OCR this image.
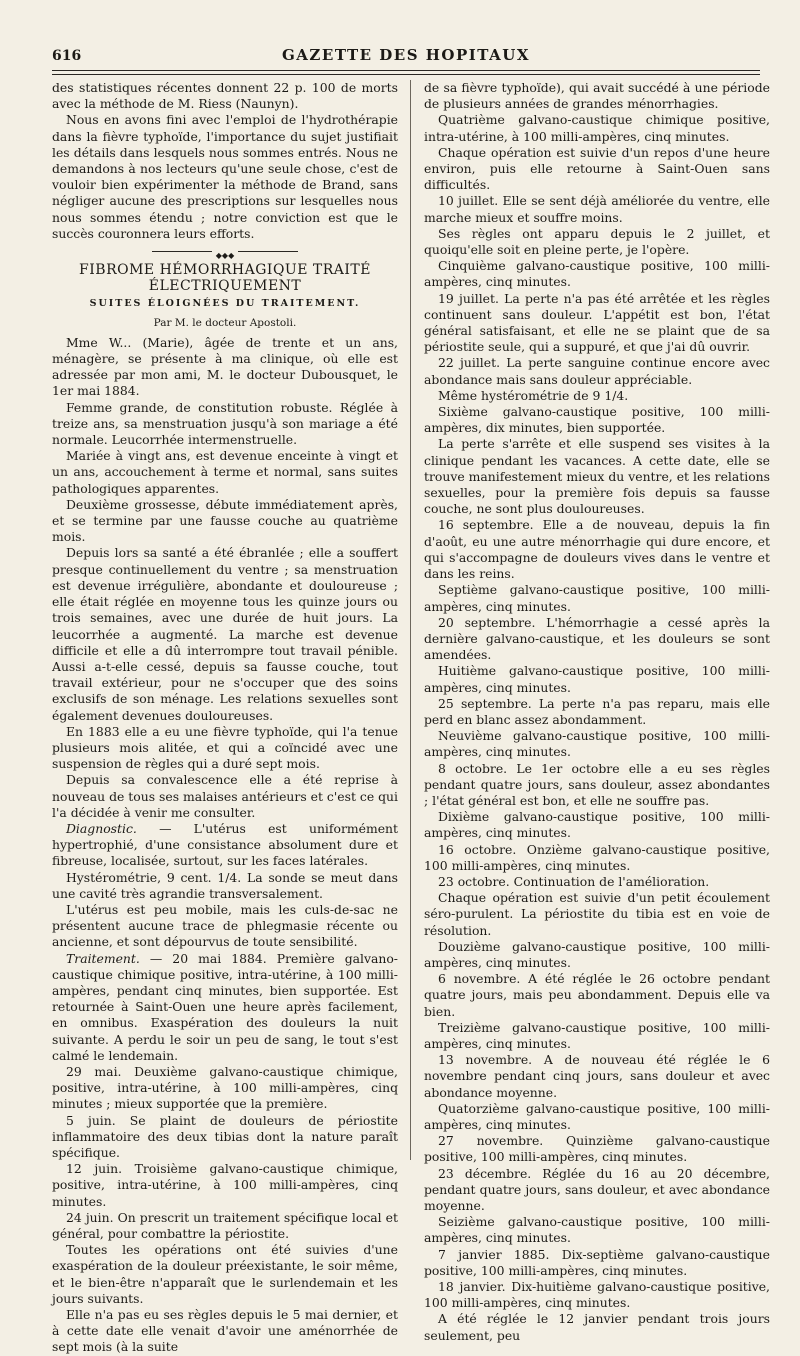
616	GAZETTE DES HOPITAUX

des statistiques récentes donnent 22 p. 100 de morts avec la méthode de M. Riess (Naunyn).

Nous en avons fini avec l'emploi de l'hydrothérapie dans la fièvre typhoïde, l'importance du sujet justifiait les détails dans lesquels nous sommes entrés. Nous ne demandons à nos lecteurs qu'une seule chose, c'est de vouloir bien expérimenter la méthode de Brand, sans négliger aucune des prescriptions sur lesquelles nous nous sommes étendu ; notre conviction est que le succès couronnera leurs efforts.

◆◆◆
FIBROME HÉMORRHAGIQUE TRAITÉ ÉLECTRIQUEMENT
SUITES ÉLOIGNÉES DU TRAITEMENT.
Par M. le docteur Apostoli.

Mme W... (Marie), âgée de trente et un ans, ménagère, se présente à ma clinique, où elle est adressée par mon ami, M. le docteur Dubousquet, le 1er mai 1884.

Femme grande, de constitution robuste. Réglée à treize ans, sa menstruation jusqu'à son mariage a été normale. Leucorrhée intermenstruelle.

Mariée à vingt ans, est devenue enceinte à vingt et un ans, accouchement à terme et normal, sans suites pathologiques apparentes.

Deuxième grossesse, débute immédiatement après, et se termine par une fausse couche au quatrième mois.

Depuis lors sa santé a été ébranlée ; elle a souffert presque continuellement du ventre ; sa menstruation est devenue irrégulière, abondante et douloureuse ; elle était réglée en moyenne tous les quinze jours ou trois semaines, avec une durée de huit jours. La leucorrhée a augmenté. La marche est devenue difficile et elle a dû interrompre tout travail pénible. Aussi a-t-elle cessé, depuis sa fausse couche, tout travail extérieur, pour ne s'occuper que des soins exclusifs de son ménage. Les relations sexuelles sont également devenues douloureuses.

En 1883 elle a eu une fièvre typhoïde, qui l'a tenue plusieurs mois alitée, et qui a coïncidé avec une suspension de règles qui a duré sept mois.

Depuis sa convalescence elle a été reprise à nouveau de tous ses malaises antérieurs et c'est ce qui l'a décidée à venir me consulter.

Diagnostic. — L'utérus est uniformément hypertrophié, d'une consistance absolument dure et fibreuse, localisée, surtout, sur les faces latérales.

Hystérométrie, 9 cent. 1/4. La sonde se meut dans une cavité très agrandie transversalement.

L'utérus est peu mobile, mais les culs-de-sac ne présentent aucune trace de phlegmasie récente ou ancienne, et sont dépourvus de toute sensibilité.

Traitement. — 20 mai 1884. Première galvano-caustique chimique positive, intra-utérine, à 100 milli-ampères, pendant cinq minutes, bien supportée. Est retournée à Saint-Ouen une heure après facilement, en omnibus. Exaspération des douleurs la nuit suivante. A perdu le soir un peu de sang, le tout s'est calmé le lendemain.

29 mai. Deuxième galvano-caustique chimique, positive, intra-utérine, à 100 milli-ampères, cinq minutes ; mieux supportée que la première.

5 juin. Se plaint de douleurs de périostite inflammatoire des deux tibias dont la nature paraît spécifique.

12 juin. Troisième galvano-caustique chimique, positive, intra-utérine, à 100 milli-ampères, cinq minutes.

24 juin. On prescrit un traitement spécifique local et général, pour combattre la périostite.

Toutes les opérations ont été suivies d'une exaspération de la douleur préexistante, le soir même, et le bien-être n'apparaît que le surlendemain et les jours suivants.

Elle n'a pas eu ses règles depuis le 5 mai dernier, et à cette date elle venait d'avoir une aménorrhée de sept mois (à la suite

de sa fièvre typhoïde), qui avait succédé à une période de plusieurs années de grandes ménorrhagies.

Quatrième galvano-caustique chimique positive, intra-utérine, à 100 milli-ampères, cinq minutes.

Chaque opération est suivie d'un repos d'une heure environ, puis elle retourne à Saint-Ouen sans difficultés.

10 juillet. Elle se sent déjà améliorée du ventre, elle marche mieux et souffre moins.

Ses règles ont apparu depuis le 2 juillet, et quoiqu'elle soit en pleine perte, je l'opère.

Cinquième galvano-caustique positive, 100 milli-ampères, cinq minutes.

19 juillet. La perte n'a pas été arrêtée et les règles continuent sans douleur. L'appétit est bon, l'état général satisfaisant, et elle ne se plaint que de sa périostite seule, qui a suppuré, et que j'ai dû ouvrir.

22 juillet. La perte sanguine continue encore avec abondance mais sans douleur appréciable.

Même hystérométrie de 9 1/4.

Sixième galvano-caustique positive, 100 milli-ampères, dix minutes, bien supportée.

La perte s'arrête et elle suspend ses visites à la clinique pendant les vacances. A cette date, elle se trouve manifestement mieux du ventre, et les relations sexuelles, pour la première fois depuis sa fausse couche, ne sont plus douloureuses.

16 septembre. Elle a de nouveau, depuis la fin d'août, eu une autre ménorrhagie qui dure encore, et qui s'accompagne de douleurs vives dans le ventre et dans les reins.

Septième galvano-caustique positive, 100 milli-ampères, cinq minutes.

20 septembre. L'hémorrhagie a cessé après la dernière galvano-caustique, et les douleurs se sont amendées.

Huitième galvano-caustique positive, 100 milli-ampères, cinq minutes.

25 septembre. La perte n'a pas reparu, mais elle perd en blanc assez abondamment.

Neuvième galvano-caustique positive, 100 milli-ampères, cinq minutes.

8 octobre. Le 1er octobre elle a eu ses règles pendant quatre jours, sans douleur, assez abondantes ; l'état général est bon, et elle ne souffre pas.

Dixième galvano-caustique positive, 100 milli-ampères, cinq minutes.

16 octobre. Onzième galvano-caustique positive, 100 milli-ampères, cinq minutes.

23 octobre. Continuation de l'amélioration.

Chaque opération est suivie d'un petit écoulement séro-purulent. La périostite du tibia est en voie de résolution.

Douzième galvano-caustique positive, 100 milli-ampères, cinq minutes.

6 novembre. A été réglée le 26 octobre pendant quatre jours, mais peu abondamment. Depuis elle va bien.

Treizième galvano-caustique positive, 100 milli-ampères, cinq minutes.

13 novembre. A de nouveau été réglée le 6 novembre pendant cinq jours, sans douleur et avec abondance moyenne.

Quatorzième galvano-caustique positive, 100 milli-ampères, cinq minutes.

27 novembre. Quinzième galvano-caustique positive, 100 milli-ampères, cinq minutes.

23 décembre. Réglée du 16 au 20 décembre, pendant quatre jours, sans douleur, et avec abondance moyenne.

Seizième galvano-caustique positive, 100 milli-ampères, cinq minutes.

7 janvier 1885. Dix-septième galvano-caustique positive, 100 milli-ampères, cinq minutes.

18 janvier. Dix-huitième galvano-caustique positive, 100 milli-ampères, cinq minutes.

A été réglée le 12 janvier pendant trois jours seulement, peu
